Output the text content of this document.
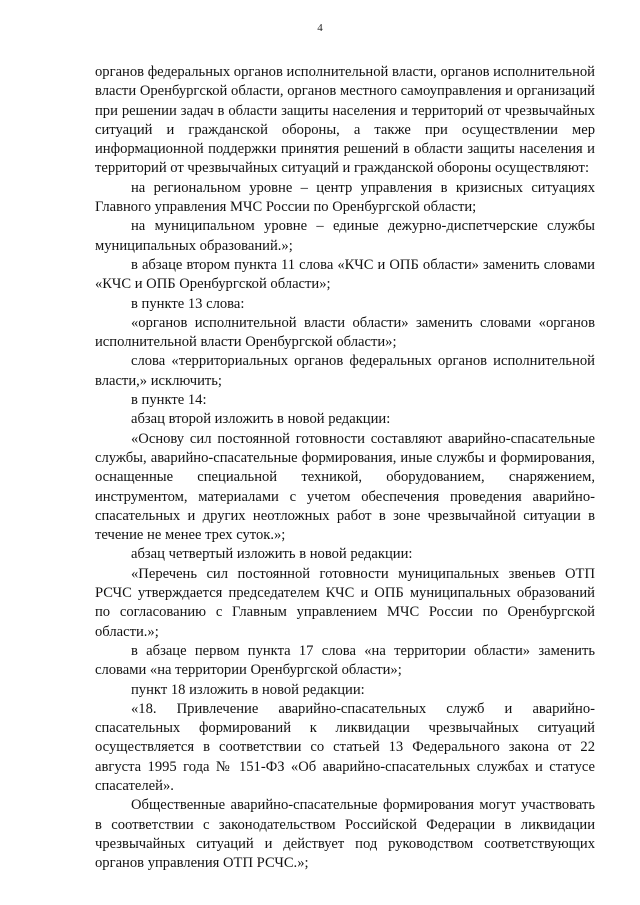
4

органов федеральных органов исполнительной власти, органов исполнительной власти Оренбургской области, органов местного самоуправления и организаций при решении задач в области защиты населения и территорий от чрезвычайных ситуаций и гражданской обороны, а также при осуществлении мер информационной поддержки принятия решений в области защиты населения и территорий от чрезвычайных ситуаций и гражданской обороны осуществляют:

на региональном уровне – центр управления в кризисных ситуациях Главного управления МЧС России по Оренбургской области;

на муниципальном уровне – единые дежурно-диспетчерские службы муниципальных образований.»;

в абзаце втором пункта 11 слова «КЧС и ОПБ области» заменить словами «КЧС и ОПБ Оренбургской области»;

в пункте 13 слова:

«органов исполнительной власти области» заменить словами «органов исполнительной власти Оренбургской области»;

слова «территориальных органов федеральных органов исполнительной власти,» исключить;

в пункте 14:

абзац второй изложить в новой редакции:

«Основу сил постоянной готовности составляют аварийно-спасательные службы, аварийно-спасательные формирования, иные службы и формирования, оснащенные специальной техникой, оборудованием, снаряжением, инструментом, материалами с учетом обеспечения проведения аварийно-спасательных и других неотложных работ в зоне чрезвычайной ситуации в течение не менее трех суток.»;

абзац четвертый изложить в новой редакции:

«Перечень сил постоянной готовности муниципальных звеньев ОТП РСЧС утверждается председателем КЧС и ОПБ муниципальных образований по согласованию с Главным управлением МЧС России по Оренбургской области.»;

в абзаце первом пункта 17 слова «на территории области» заменить словами «на территории Оренбургской области»;

пункт 18 изложить в новой редакции:

«18. Привлечение аварийно-спасательных служб и аварийно-спасательных формирований к ликвидации чрезвычайных ситуаций осуществляется в соответствии со статьей 13 Федерального закона от 22 августа 1995 года № 151-ФЗ «Об аварийно-спасательных службах и статусе спасателей».

Общественные аварийно-спасательные формирования могут участвовать в соответствии с законодательством Российской Федерации в ликвидации чрезвычайных ситуаций и действует под руководством соответствующих органов управления ОТП РСЧС.»;
